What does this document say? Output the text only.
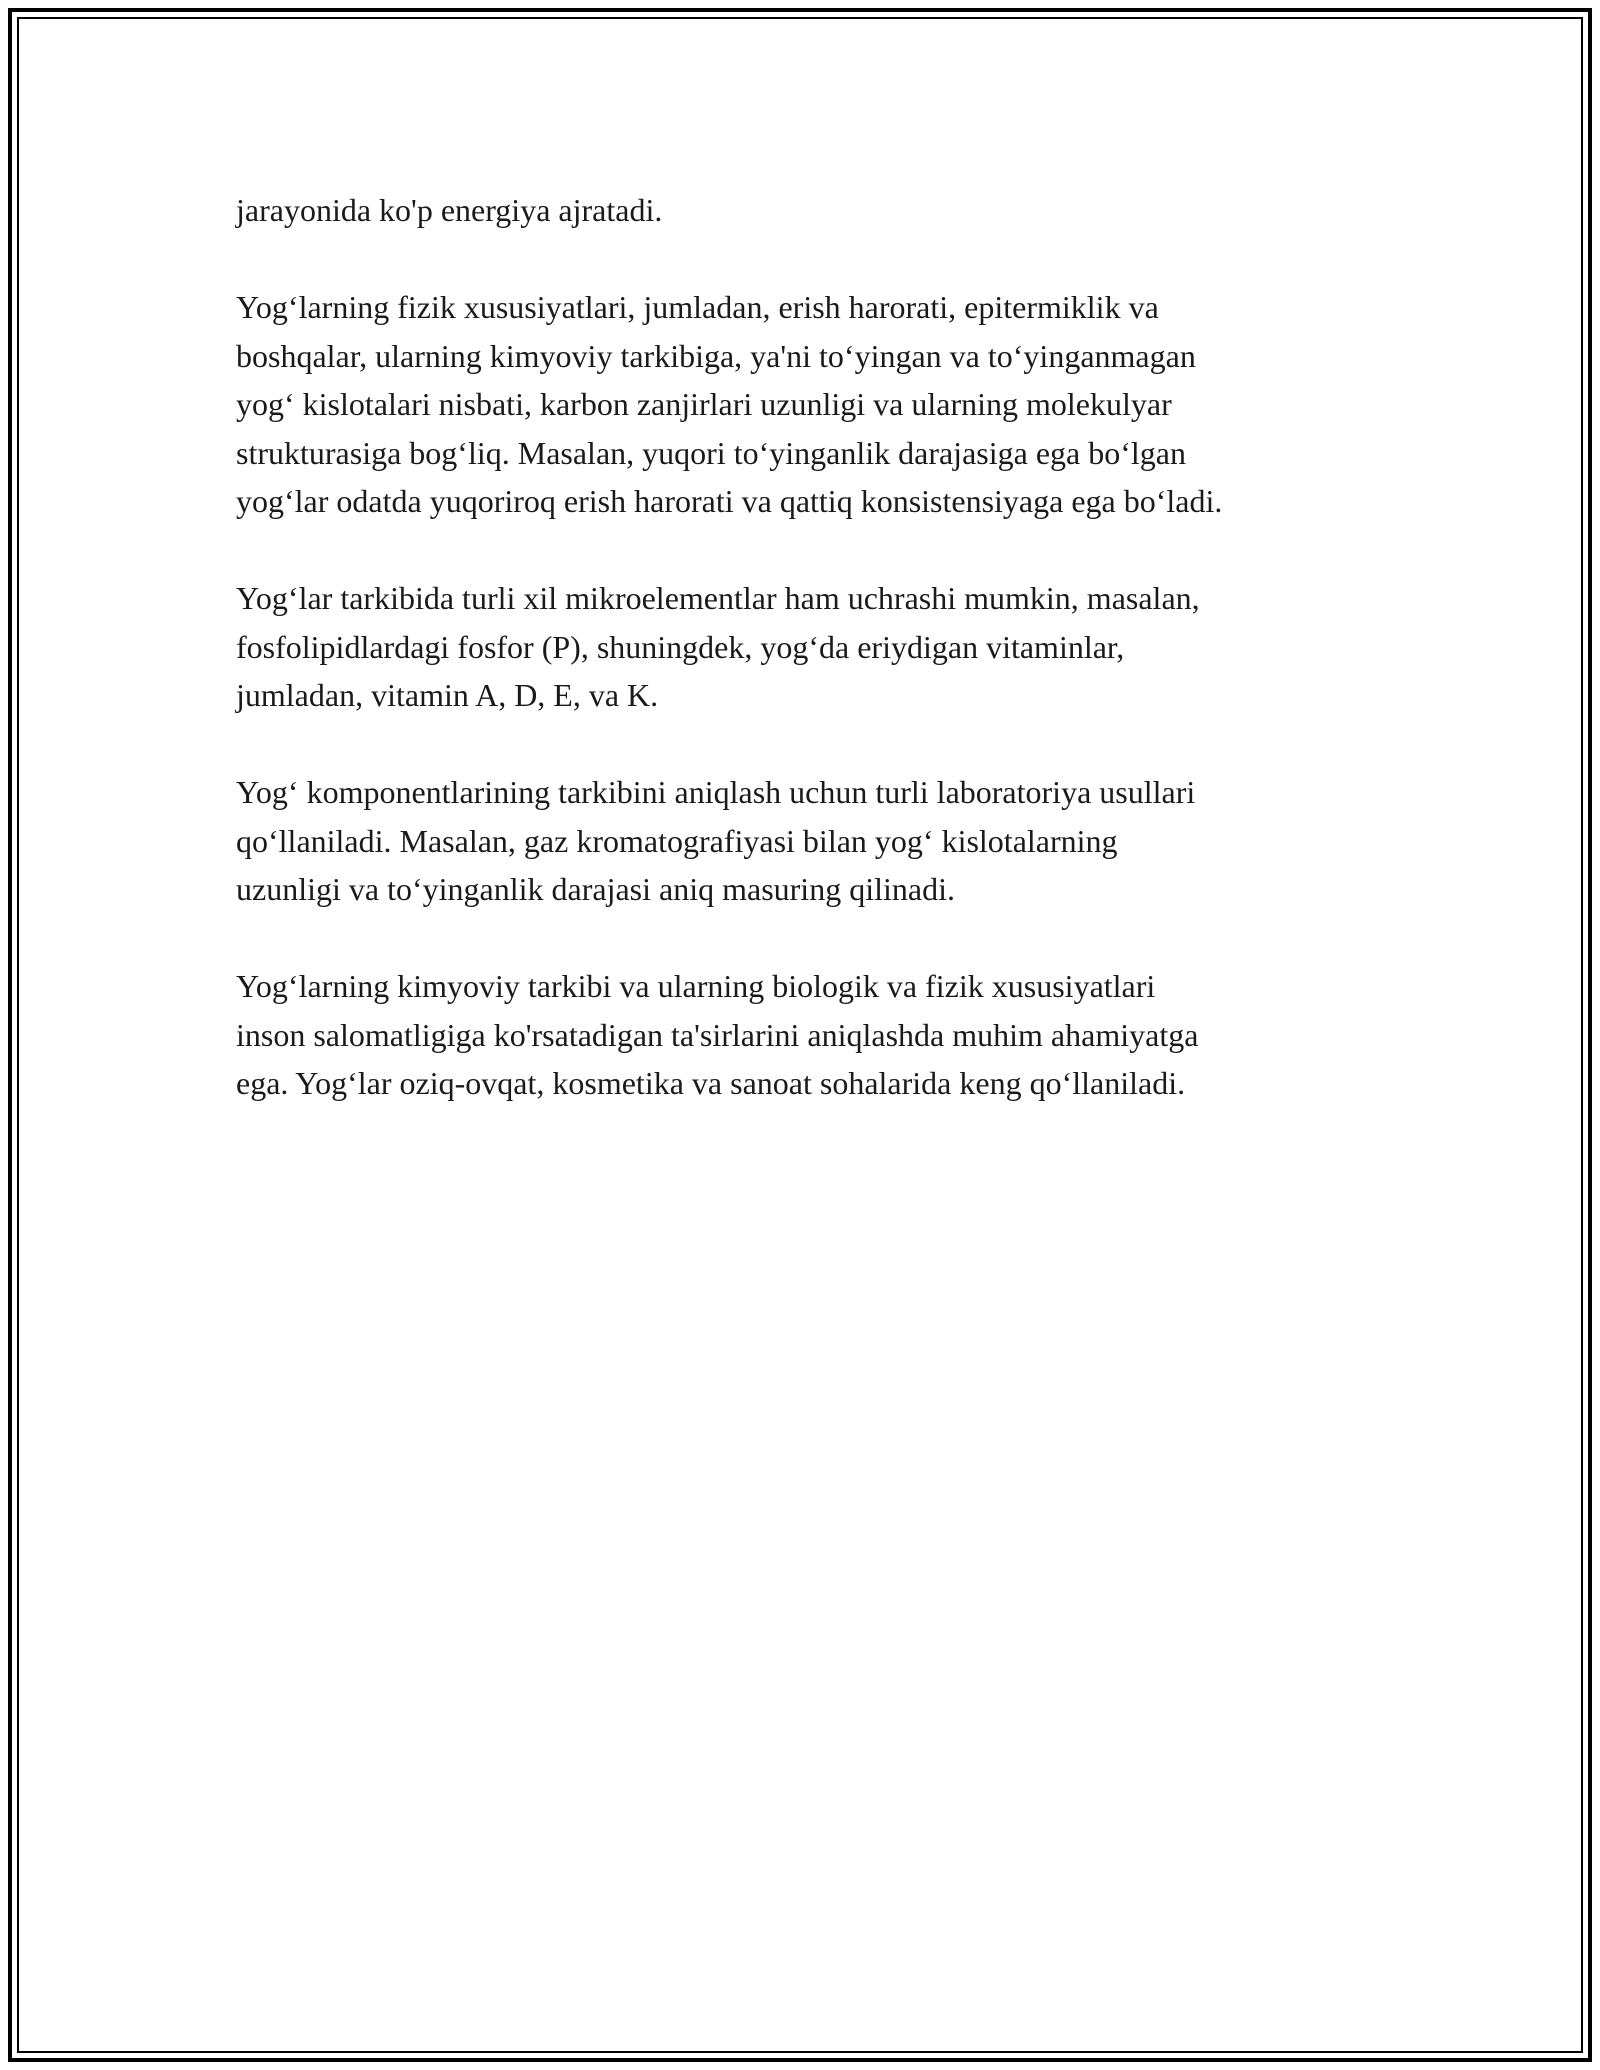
jarayonida ko'p energiya ajratadi.

Yog‘larning fizik xususiyatlari, jumladan, erish harorati, epitermiklik va
boshqalar, ularning kimyoviy tarkibiga, ya'ni to‘yingan va to‘yinganmagan
yog‘ kislotalari nisbati, karbon zanjirlari uzunligi va ularning molekulyar
strukturasiga bog‘liq. Masalan, yuqori to‘yinganlik darajasiga ega bo‘lgan
yog‘lar odatda yuqoriroq erish harorati va qattiq konsistensiyaga ega bo‘ladi.

Yog‘lar tarkibida turli xil mikroelementlar ham uchrashi mumkin, masalan,
fosfolipidlardagi fosfor (P), shuningdek, yog‘da eriydigan vitaminlar,
jumladan, vitamin A, D, E, va K.

Yog‘ komponentlarining tarkibini aniqlash uchun turli laboratoriya usullari
qo‘llaniladi. Masalan, gaz kromatografiyasi bilan yog‘ kislotalarning
uzunligi va to‘yinganlik darajasi aniq masuring qilinadi.

Yog‘larning kimyoviy tarkibi va ularning biologik va fizik xususiyatlari
inson salomatligiga ko'rsatadigan ta'sirlarini aniqlashda muhim ahamiyatga
ega. Yog‘lar oziq-ovqat, kosmetika va sanoat sohalarida keng qo‘llaniladi.
